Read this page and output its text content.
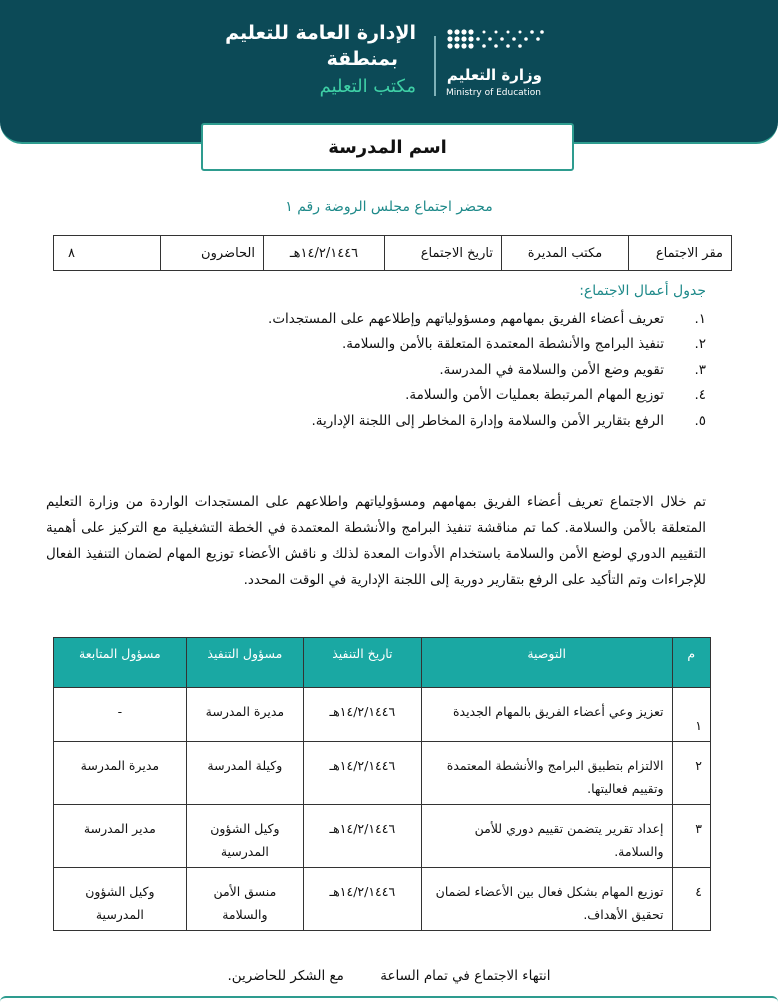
الإدارة العامة للتعليم
بمنطقة
مكتب التعليم
وزارة التعليم
Ministry of Education
اسم المدرسة
محضر اجتماع مجلس الروضة رقم ١
مقر الاجتماع	مكتب المديرة	تاريخ الاجتماع	١٤/٢/١٤٤٦هـ	الحاضرون	٨
جدول أعمال الاجتماع:
١.
تعريف أعضاء الفريق بمهامهم ومسؤولياتهم وإطلاعهم على المستجدات.
٢.
تنفيذ البرامج والأنشطة المعتمدة المتعلقة بالأمن والسلامة.
٣.
تقويم وضع الأمن والسلامة في المدرسة.
٤.
توزيع المهام المرتبطة بعمليات الأمن والسلامة.
٥.
الرفع بتقارير الأمن والسلامة وإدارة المخاطر إلى اللجنة الإدارية.

تم خلال الاجتماع تعريف أعضاء الفريق بمهامهم ومسؤولياتهم واطلاعهم على المستجدات الواردة من وزارة التعليم المتعلقة بالأمن والسلامة. كما تم مناقشة تنفيذ البرامج والأنشطة المعتمدة في الخطة التشغيلية مع التركيز على أهمية التقييم الدوري لوضع الأمن والسلامة باستخدام الأدوات المعدة لذلك و ناقش الأعضاء توزيع المهام لضمان التنفيذ الفعال للإجراءات وتم التأكيد على الرفع بتقارير دورية إلى اللجنة الإدارية في الوقت المحدد.

م	التوصية	تاريخ التنفيذ	مسؤول التنفيذ	مسؤول المتابعة
١	تعزيز وعي أعضاء الفريق بالمهام الجديدة	١٤/٢/١٤٤٦هـ	مديرة المدرسة	-
٢	الالتزام بتطبيق البرامج والأنشطة المعتمدة وتقييم فعاليتها.	١٤/٢/١٤٤٦هـ	وكيلة المدرسة	مديرة المدرسة
٣	إعداد تقرير يتضمن تقييم دوري للأمن والسلامة.	١٤/٢/١٤٤٦هـ	وكيل الشؤون المدرسية	مدير المدرسة
٤	توزيع المهام بشكل فعال بين الأعضاء لضمان تحقيق الأهداف.	١٤/٢/١٤٤٦هـ	منسق الأمن والسلامة	وكيل الشؤون المدرسية
انتهاء الاجتماع في تمام الساعة مع الشكر للحاضرين.
